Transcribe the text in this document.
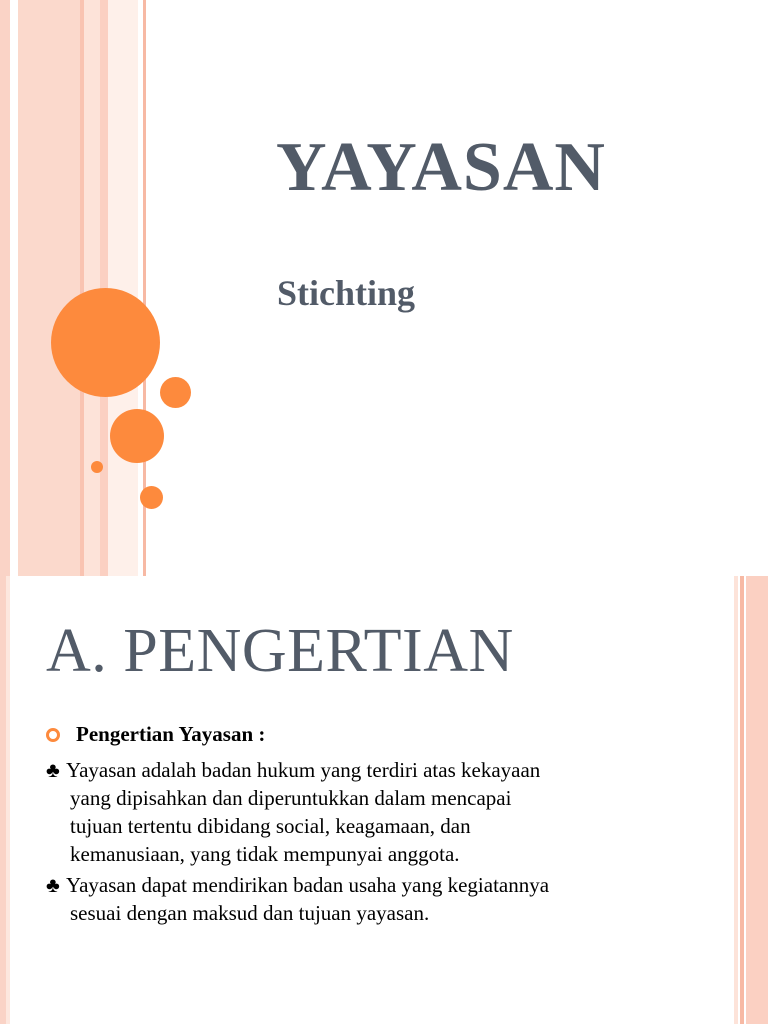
YAYASAN
Stichting
A. PENGERTIAN
Pengertian Yayasan :
♣ Yayasan adalah badan hukum yang terdiri atas kekayaan
yang dipisahkan dan diperuntukkan dalam mencapai
tujuan tertentu dibidang social, keagamaan, dan
kemanusiaan, yang tidak mempunyai anggota.
♣ Yayasan dapat mendirikan badan usaha yang kegiatannya
sesuai dengan maksud dan tujuan yayasan.
